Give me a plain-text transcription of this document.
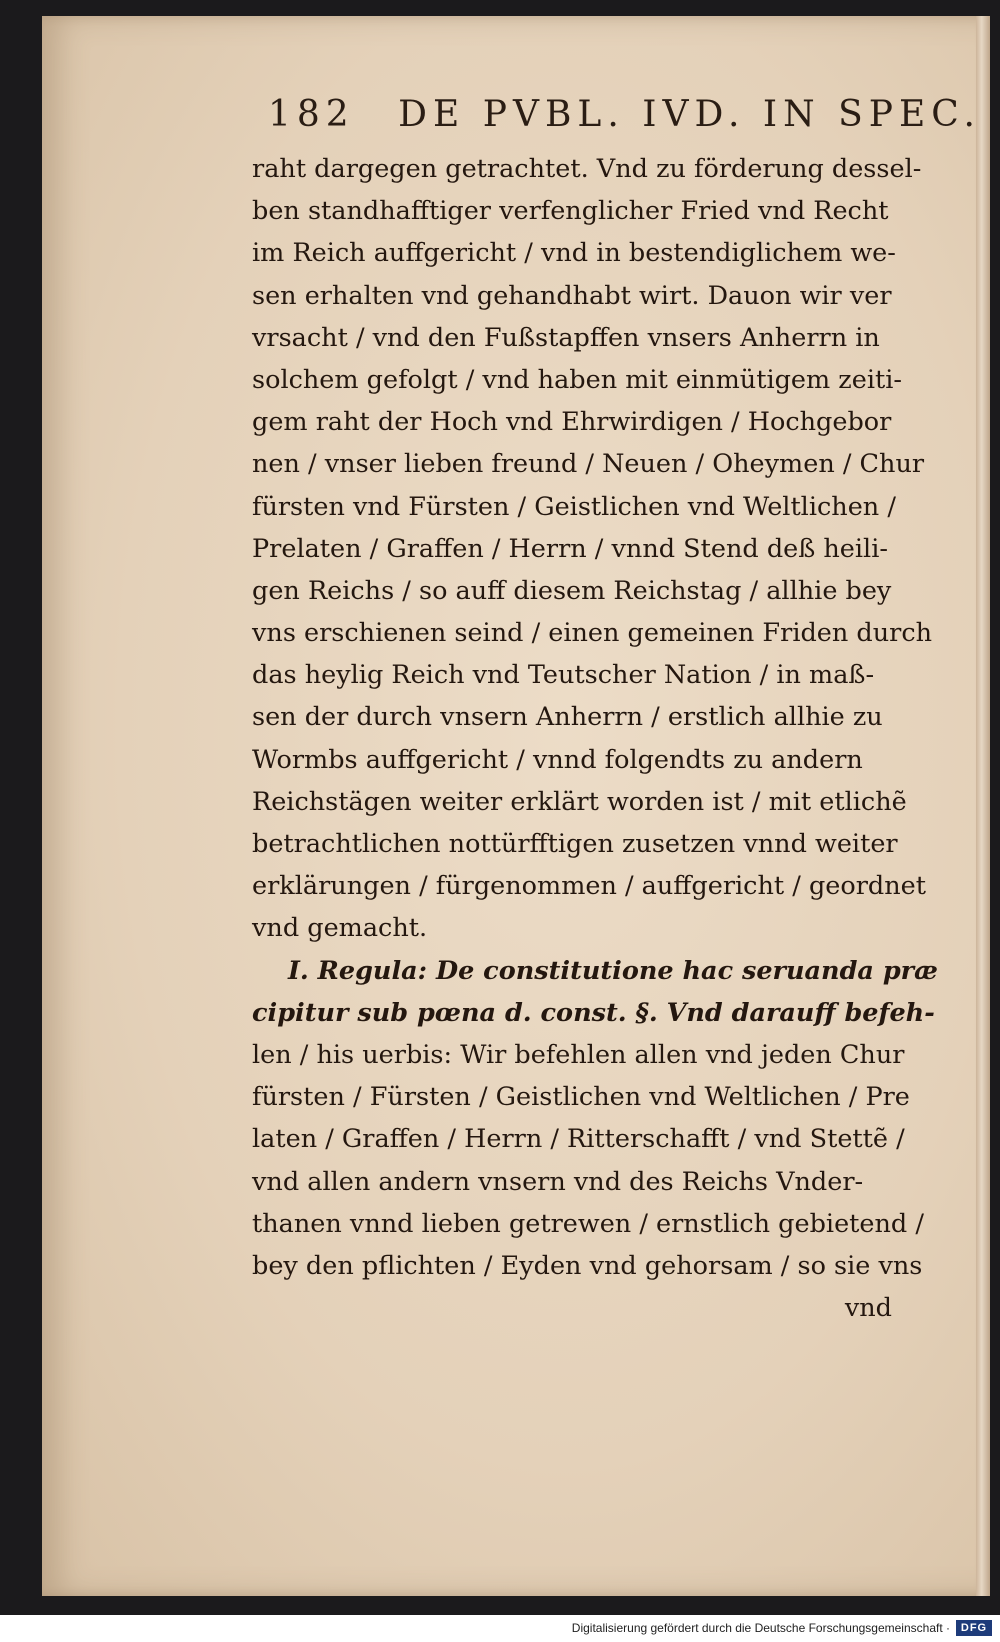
182 DE PVBL. IVD. IN SPEC.
raht dargegen getrachtet. Vnd zu förderung dessel-
ben standhafftiger verfenglicher Fried vnd Recht
im Reich auffgericht / vnd in bestendiglichem we-
sen erhalten vnd gehandhabt wirt. Dauon wir ver
vrsacht / vnd den Fußstapffen vnsers Anherrn in
solchem gefolgt / vnd haben mit einmütigem zeiti-
gem raht der Hoch vnd Ehrwirdigen / Hochgebor
nen / vnser lieben freund / Neuen / Oheymen / Chur
fürsten vnd Fürsten / Geistlichen vnd Weltlichen /
Prelaten / Graffen / Herrn / vnnd Stend deß heili-
gen Reichs / so auff diesem Reichstag / allhie bey
vns erschienen seind / einen gemeinen Friden durch
das heylig Reich vnd Teutscher Nation / in maß-
sen der durch vnsern Anherrn / erstlich allhie zu
Wormbs auffgericht / vnnd folgendts zu andern
Reichstägen weiter erklärt worden ist / mit etlichẽ
betrachtlichen nottürfftigen zusetzen vnnd weiter
erklärungen / fürgenommen / auffgericht / geordnet
vnd gemacht.
I. Regula: De constitutione hac seruanda præ
cipitur sub pœna d. const. §. Vnd darauff befeh-
len / his uerbis: Wir befehlen allen vnd jeden Chur
fürsten / Fürsten / Geistlichen vnd Weltlichen / Pre
laten / Graffen / Herrn / Ritterschafft / vnd Stettẽ /
vnd allen andern vnsern vnd des Reichs Vnder-
thanen vnnd lieben getrewen / ernstlich gebietend /
bey den pflichten / Eyden vnd gehorsam / so sie vns
vnd
Digitalisierung gefördert durch die Deutsche Forschungsgemeinschaft · DFG
